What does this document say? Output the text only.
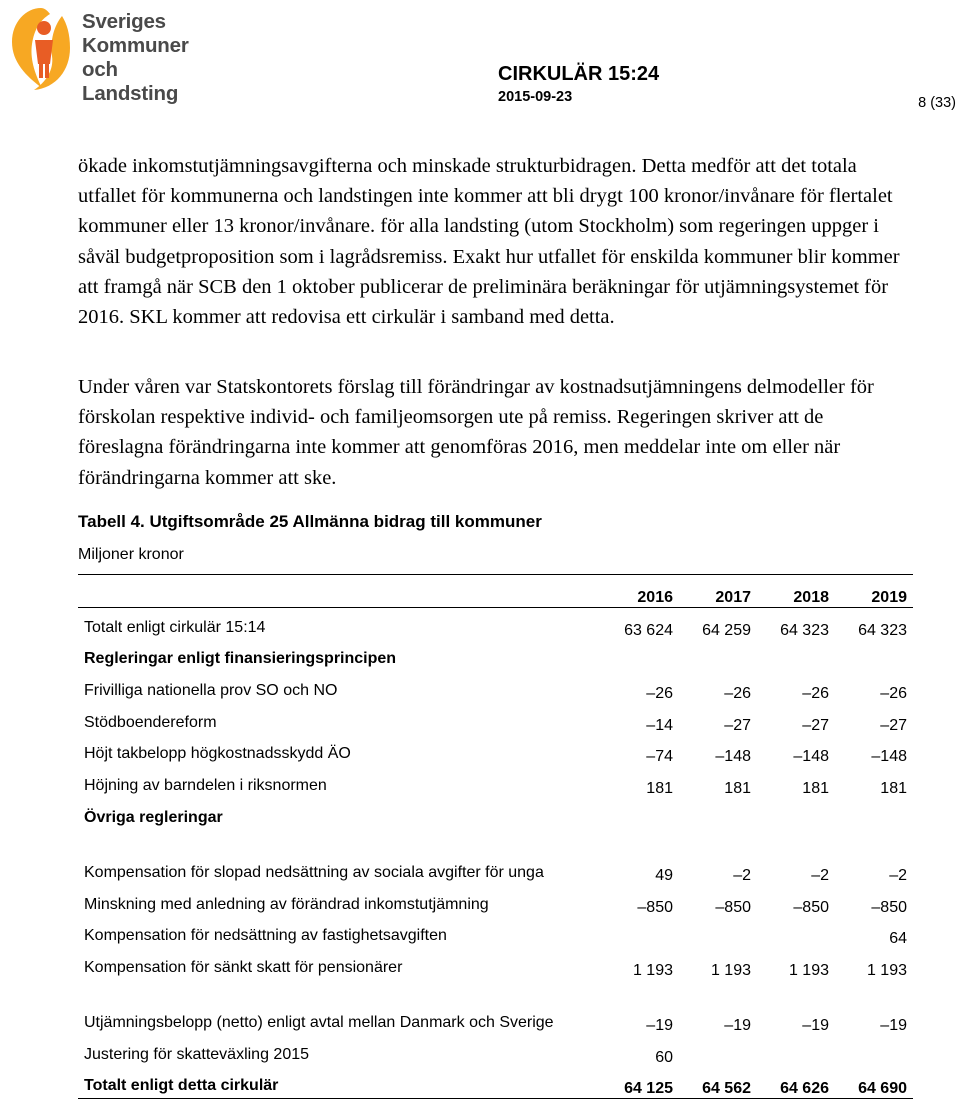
Sveriges
Kommuner
och Landsting
CIRKULÄR 15:24
2015-09-23	8 (33)

ökade inkomstutjämningsavgifterna och minskade strukturbidragen. Detta medför att det totala utfallet för kommunerna och landstingen inte kommer att bli drygt 100 kronor/invånare för flertalet kommuner eller 13 kronor/invånare. för alla landsting (utom Stockholm) som regeringen uppger i såväl budgetproposition som i lagrådsremiss. Exakt hur utfallet för enskilda kommuner blir kommer att framgå när SCB den 1 oktober publicerar de preliminära beräkningar för utjämningsystemet för 2016. SKL kommer att redovisa ett cirkulär i samband med detta.

Under våren var Statskontorets förslag till förändringar av kostnadsutjämningens delmodeller för förskolan respektive individ- och familjeomsorgen ute på remiss. Regeringen skriver att de föreslagna förändringarna inte kommer att genomföras 2016, men meddelar inte om eller när förändringarna kommer att ske.

Tabell 4. Utgiftsområde 25 Allmänna bidrag till kommuner
Miljoner kronor
	2016	2017	2018	2019
Totalt enligt cirkulär 15:14	63 624	64 259	64 323	64 323
Regleringar enligt finansieringsprincipen				
Frivilliga nationella prov SO och NO	–26	–26	–26	–26
Stödboendereform	–14	–27	–27	–27
Höjt takbelopp högkostnadsskydd ÄO	–74	–148	–148	–148
Höjning av barndelen i riksnormen	181	181	181	181
Övriga regleringar				
Kompensation för slopad nedsättning av sociala avgifter för unga	49	–2	–2	–2
Minskning med anledning av förändrad inkomstutjämning	–850	–850	–850	–850
Kompensation för nedsättning av fastighetsavgiften				64
Kompensation för sänkt skatt för pensionärer	1 193	1 193	1 193	1 193
Utjämningsbelopp (netto) enligt avtal mellan Danmark och Sverige	–19	–19	–19	–19
Justering för skatteväxling 2015	60			
Totalt enligt detta cirkulär	64 125	64 562	64 626	64 690
